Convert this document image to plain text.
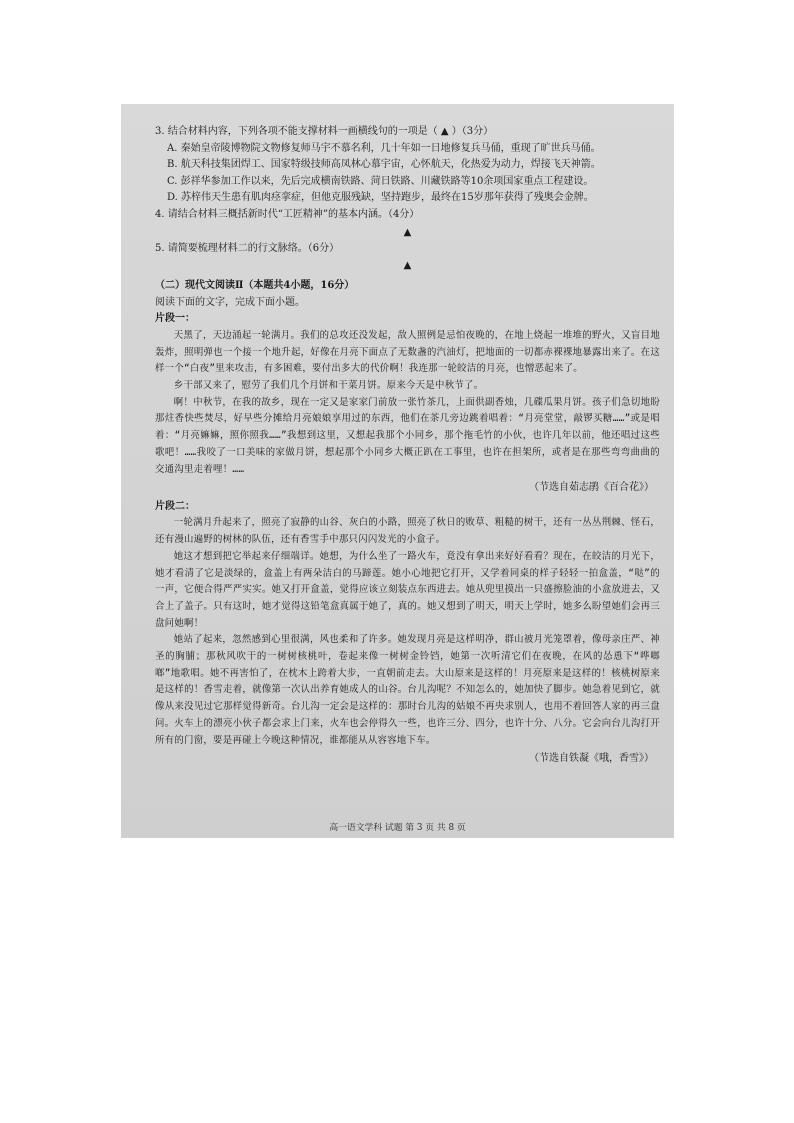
3. 结合材料内容，下列各项不能支撑材料一画横线句的一项是（ ▲ ）（3分）

A. 秦始皇帝陵博物院文物修复师马宇不慕名利，几十年如一日地修复兵马俑，重现了旷世兵马俑。

B. 航天科技集团焊工、国家特级技师高凤林心慕宇宙，心怀航天，化热爱为动力，焊接飞天神箭。

C. 彭祥华参加工作以来，先后完成横南铁路、菏日铁路、川藏铁路等10余项国家重点工程建设。

D. 苏梓伟天生患有肌肉痉挛症，但他克服残缺，坚持跑步，最终在15岁那年获得了残奥会金牌。

4. 请结合材料三概括新时代“工匠精神”的基本内涵。（4分）

▲

5. 请简要梳理材料二的行文脉络。（6分）

▲

（二）现代文阅读Ⅱ（本题共4小题，16分）

阅读下面的文字，完成下面小题。

片段一：

天黑了，天边涌起一轮满月。我们的总攻还没发起，敌人照例是忌怕夜晚的，在地上烧起一堆堆的野火，又盲目地轰炸，照明弹也一个接一个地升起，好像在月亮下面点了无数盏的汽油灯，把地面的一切都赤裸裸地暴露出来了。在这样一个“白夜”里来攻击，有多困难，要付出多大的代价啊！我连那一轮皎洁的月亮，也憎恶起来了。

乡干部又来了，慰劳了我们几个月饼和干菜月饼。原来今天是中秋节了。

啊！中秋节，在我的故乡，现在一定又是家家门前放一张竹茶几，上面供副香烛，几碟瓜果月饼。孩子们急切地盼那炷香快些焚尽，好早些分摊给月亮娘娘享用过的东西，他们在茶几旁边跳着唱着：“月亮堂堂，敲锣买糖……”或是唱着：“月亮嫲嫲，照你照我……”我想到这里，又想起我那个小同乡，那个拖毛竹的小伙，也许几年以前，他还唱过这些歌吧！……我咬了一口美味的家做月饼，想起那个小同乡大概正趴在工事里，也许在担架所，或者是在那些弯弯曲曲的交通沟里走着哩！……

（节选自茹志鹃《百合花》）

片段二：

一轮满月升起来了，照亮了寂静的山谷、灰白的小路，照亮了秋日的败草、粗糙的树干，还有一丛丛荆棘、怪石，还有漫山遍野的树林的队伍，还有香雪手中那只闪闪发光的小盒子。

她这才想到把它举起来仔细端详。她想，为什么坐了一路火车，竟没有拿出来好好看看？现在，在皎洁的月光下，她才看清了它是淡绿的，盒盖上有两朵洁白的马蹄莲。她小心地把它打开，又学着同桌的样子轻轻一拍盒盖，“哒”的一声，它便合得严严实实。她又打开盒盖，觉得应该立刻装点东西进去。她从兜里摸出一只盛擦脸油的小盒放进去，又合上了盖子。只有这时，她才觉得这铅笔盒真属于她了，真的。她又想到了明天，明天上学时，她多么盼望她们会再三盘问她啊！

她站了起来，忽然感到心里很满，风也柔和了许多。她发现月亮是这样明净，群山被月光笼罩着，像母亲庄严、神圣的胸脯；那秋风吹干的一树树核桃叶，卷起来像一树树金铃铛，她第一次听清它们在夜晚，在风的怂恿下“哗啷啷”地歌唱。她不再害怕了，在枕木上跨着大步，一直朝前走去。大山原来是这样的！月亮原来是这样的！核桃树原来是这样的！香雪走着，就像第一次认出养育她成人的山谷。台儿沟呢？不知怎么的，她加快了脚步。她急着见到它，就像从来没见过它那样觉得新奇。台儿沟一定会是这样的：那时台儿沟的姑娘不再央求别人，也用不着回答人家的再三盘问。火车上的漂亮小伙子都会求上门来，火车也会停得久一些，也许三分、四分，也许十分、八分。它会向台儿沟打开所有的门窗，要是再碰上今晚这种情况，谁都能从从容容地下车。

（节选自铁凝《哦，香雪》）

高一语文学科 试题 第 3 页 共 8 页
